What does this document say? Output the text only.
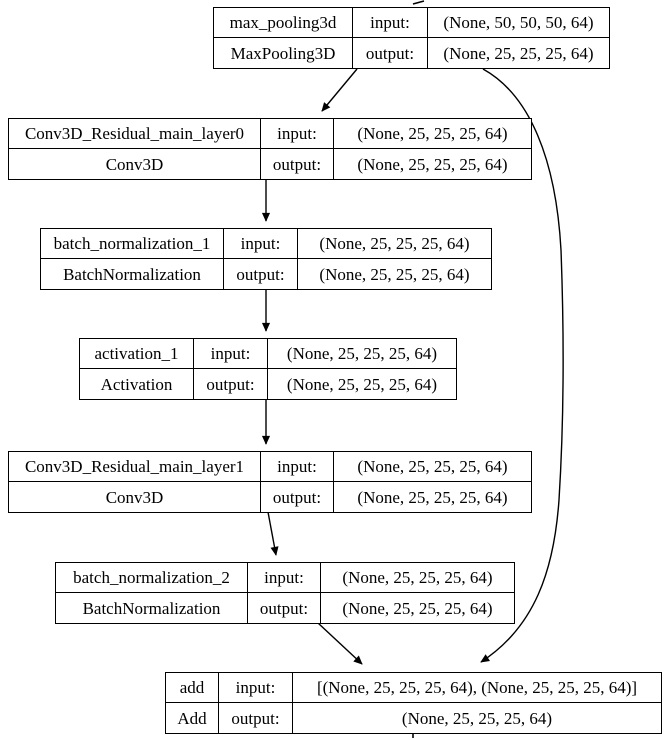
max_pooling3d	input:	(None, 50, 50, 50, 64)
MaxPooling3D	output:	(None, 25, 25, 25, 64)
Conv3D_Residual_main_layer0	input:	(None, 25, 25, 25, 64)
Conv3D	output:	(None, 25, 25, 25, 64)
batch_normalization_1	input:	(None, 25, 25, 25, 64)
BatchNormalization	output:	(None, 25, 25, 25, 64)
activation_1	input:	(None, 25, 25, 25, 64)
Activation	output:	(None, 25, 25, 25, 64)
Conv3D_Residual_main_layer1	input:	(None, 25, 25, 25, 64)
Conv3D	output:	(None, 25, 25, 25, 64)
batch_normalization_2	input:	(None, 25, 25, 25, 64)
BatchNormalization	output:	(None, 25, 25, 25, 64)
add	input:	[(None, 25, 25, 25, 64), (None, 25, 25, 25, 64)]
Add	output:	(None, 25, 25, 25, 64)
